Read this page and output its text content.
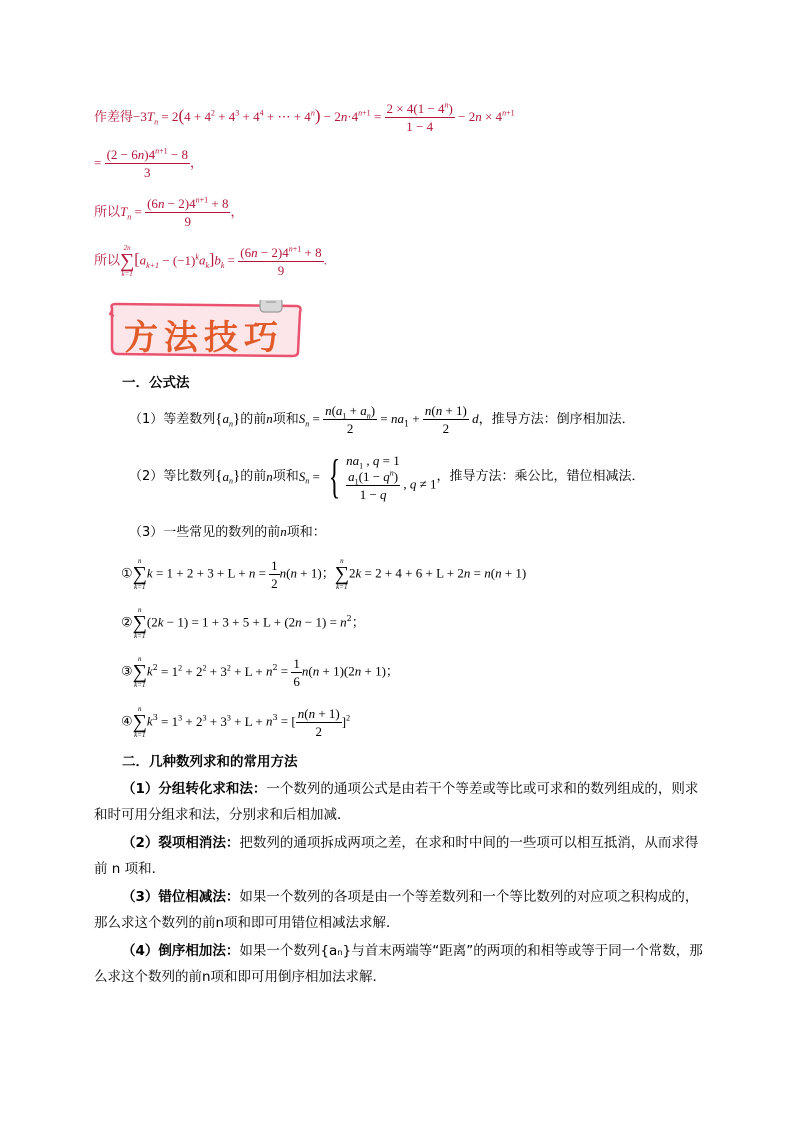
作差得$-3T_n = 2(4 + 4^2 + 4^3 + 4^4$ + ⋯ + $4^n) - 2n\cdot 4^{n+1} = \frac{2 \times 4(1 - 4^n)}{1 - 4} - 2n \times 4^{n+1}$
= $\frac{(2 - 6n)4^{n+1} - 8}{3}$ ，
所以$T_n = \frac{(6n - 2)4^{n+1} + 8}{9}$ ，
所以
2n
∑
k=1
$[a_{k+1} - (-1)^ka_k]b_k = \frac{(6n - 2)4^{n+1} + 8}{9}$ .
方法技巧
一．公式法
（1）等差数列$\{a_n\}$的前n项和$S_n = \frac{n(a_1 + a_n)}{2} = na_1 + \frac{n(n + 1)}{2}$ d，推导方法：倒序相加法．
（2）等比数列$\{a_n\}$的前n项和$S_n$ = { $na_1$ , q = 1
$\frac{a_1(1 - q^n)}{1 - q}$ , q ≠ 1 ，推导方法：乘公比，错位相减法．
（3）一些常见的数列的前n项和：
①
n
∑
k=1
$k = 1 + 2 + 3 + L + n = \frac{1}{2} n(n + 1)$；
n
∑
k=1
2k = 2 + 4 + 6 + L + 2n = n(n + 1)
②
n
∑
k=1
$(2k - 1) = 1 + 3 + 5 + L + (2n - 1) = n^2$；
③
n
∑
k=1
$k^2 = 1^2 + 2^2 + 3^2 + L + n^2 = \frac{1}{6} n(n + 1)(2n + 1)$；
④
n
∑
k=1
$k^3 = 1^3 + 2^3 + 3^3 + L + n^3$ = [ $\frac{n(n + 1)}{2} ]^2$
二．几种数列求和的常用方法
（1）分组转化求和法：一个数列的通项公式是由若干个等差或等比或可求和的数列组成的，则求和时可用分组求和法，分别求和后相加减．
（2）裂项相消法：把数列的通项拆成两项之差，在求和时中间的一些项可以相互抵消，从而求得前 n 项和．
（3）错位相减法：如果一个数列的各项是由一个等差数列和一个等比数列的对应项之积构成的，那么求这个数列的前n项和即可用错位相减法求解．
（4）倒序相加法：如果一个数列{aₙ}与首末两端等“距离”的两项的和相等或等于同一个常数，那么求这个数列的前n项和即可用倒序相加法求解．
